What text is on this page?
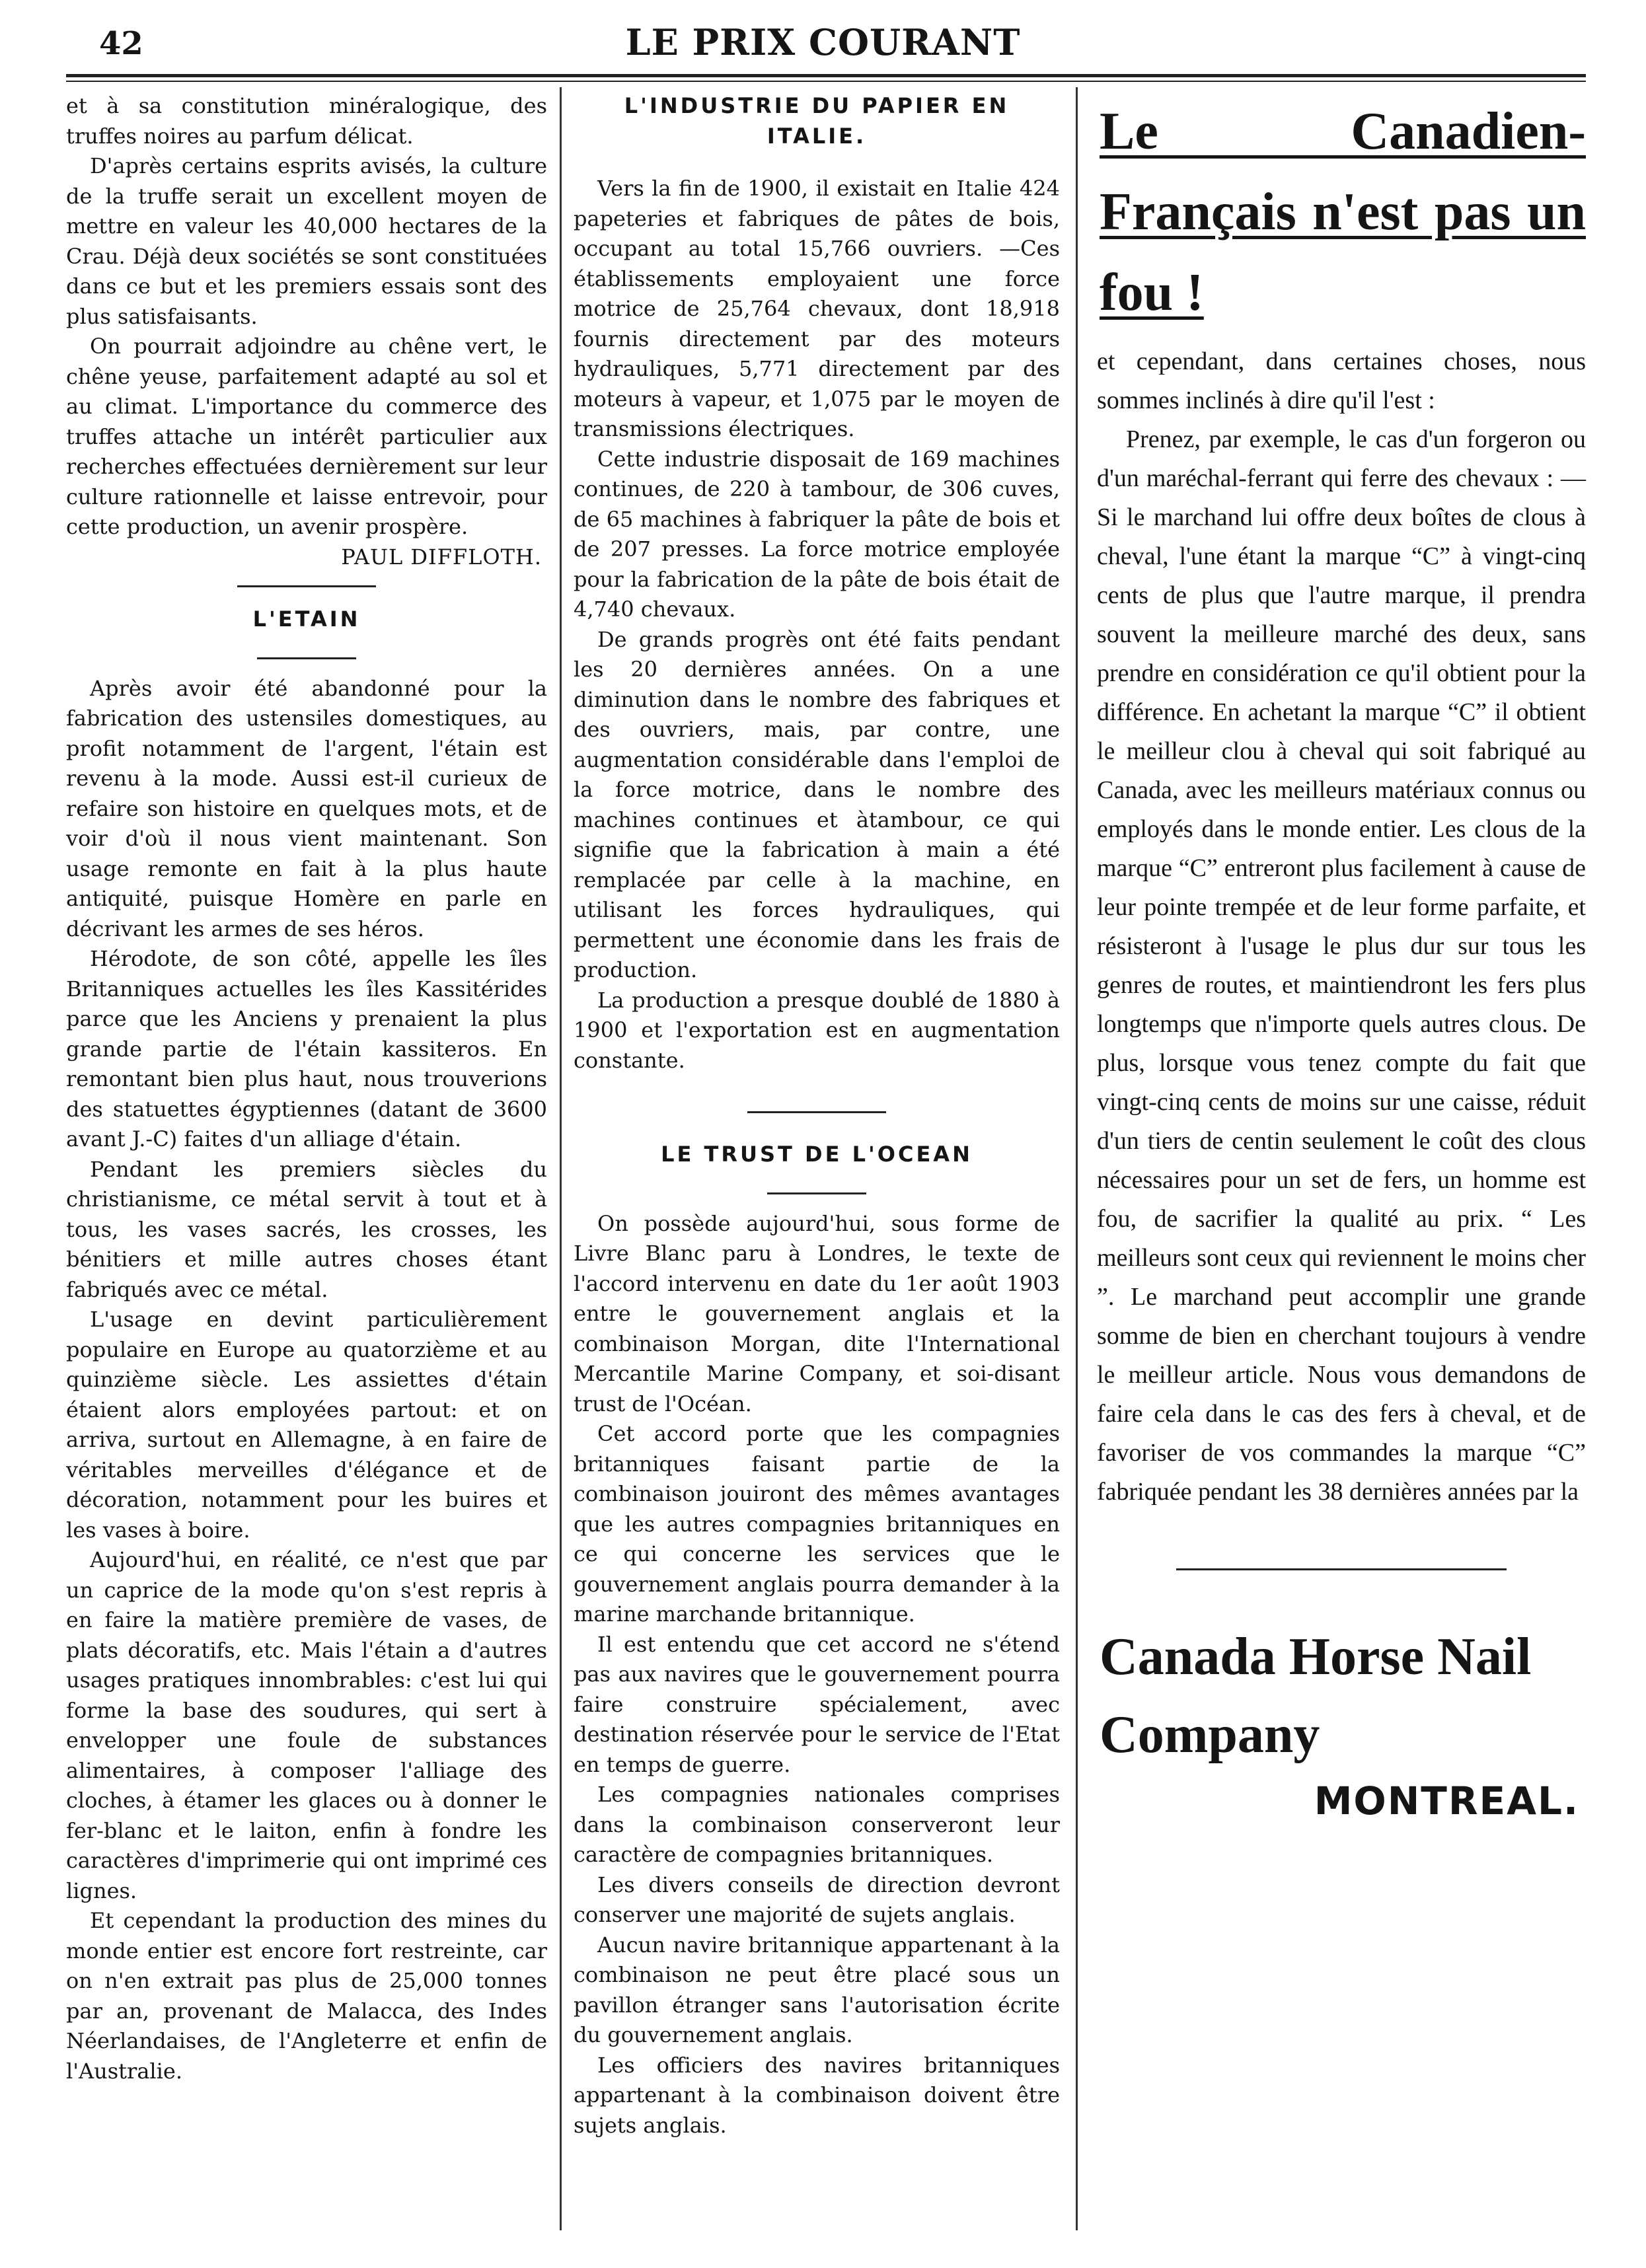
42	LE PRIX COURANT

et à sa constitution minéralogique, des truffes noires au parfum délicat.

D'après certains esprits avisés, la culture de la truffe serait un excellent moyen de mettre en valeur les 40,000 hectares de la Crau. Déjà deux sociétés se sont constituées dans ce but et les premiers essais sont des plus satisfaisants.

On pourrait adjoindre au chêne vert, le chêne yeuse, parfaitement adapté au sol et au climat. L'importance du commerce des truffes attache un intérêt particulier aux recherches effectuées dernièrement sur leur culture rationnelle et laisse entrevoir, pour cette production, un avenir prospère.

PAUL DIFFLOTH.

L'ETAIN

Après avoir été abandonné pour la fabrication des ustensiles domestiques, au profit notamment de l'argent, l'étain est revenu à la mode. Aussi est-il curieux de refaire son histoire en quelques mots, et de voir d'où il nous vient maintenant. Son usage remonte en fait à la plus haute antiquité, puisque Homère en parle en décrivant les armes de ses héros.

Hérodote, de son côté, appelle les îles Britanniques actuelles les îles Kassitérides parce que les Anciens y prenaient la plus grande partie de l'étain kassiteros. En remontant bien plus haut, nous trouverions des statuettes égyptiennes (datant de 3600 avant J.-C) faites d'un alliage d'étain.

Pendant les premiers siècles du christianisme, ce métal servit à tout et à tous, les vases sacrés, les crosses, les bénitiers et mille autres choses étant fabriqués avec ce métal.

L'usage en devint particulièrement populaire en Europe au quatorzième et au quinzième siècle. Les assiettes d'étain étaient alors employées partout: et on arriva, surtout en Allemagne, à en faire de véritables merveilles d'élégance et de décoration, notamment pour les buires et les vases à boire.

Aujourd'hui, en réalité, ce n'est que par un caprice de la mode qu'on s'est repris à en faire la matière première de vases, de plats décoratifs, etc. Mais l'étain a d'autres usages pratiques innombrables: c'est lui qui forme la base des soudures, qui sert à envelopper une foule de substances alimentaires, à composer l'alliage des cloches, à étamer les glaces ou à donner le fer-blanc et le laiton, enfin à fondre les caractères d'imprimerie qui ont imprimé ces lignes.

Et cependant la production des mines du monde entier est encore fort restreinte, car on n'en extrait pas plus de 25,000 tonnes par an, provenant de Malacca, des Indes Néerlandaises, de l'Angleterre et enfin de l'Australie.

L'INDUSTRIE DU PAPIER EN ITALIE.

Vers la fin de 1900, il existait en Italie 424 papeteries et fabriques de pâtes de bois, occupant au total 15,766 ouvriers. —Ces établissements employaient une force motrice de 25,764 chevaux, dont 18,918 fournis directement par des moteurs hydrauliques, 5,771 directement par des moteurs à vapeur, et 1,075 par le moyen de transmissions électriques.

Cette industrie disposait de 169 machines continues, de 220 à tambour, de 306 cuves, de 65 machines à fabriquer la pâte de bois et de 207 presses. La force motrice employée pour la fabrication de la pâte de bois était de 4,740 chevaux.

De grands progrès ont été faits pendant les 20 dernières années. On a une diminution dans le nombre des fabriques et des ouvriers, mais, par contre, une augmentation considérable dans l'emploi de la force motrice, dans le nombre des machines continues et àtambour, ce qui signifie que la fabrication à main a été remplacée par celle à la machine, en utilisant les forces hydrauliques, qui permettent une économie dans les frais de production.

La production a presque doublé de 1880 à 1900 et l'exportation est en augmentation constante.

LE TRUST DE L'OCEAN

On possède aujourd'hui, sous forme de Livre Blanc paru à Londres, le texte de l'accord intervenu en date du 1er août 1903 entre le gouvernement anglais et la combinaison Morgan, dite l'International Mercantile Marine Company, et soi-disant trust de l'Océan.

Cet accord porte que les compagnies britanniques faisant partie de la combinaison jouiront des mêmes avantages que les autres compagnies britanniques en ce qui concerne les services que le gouvernement anglais pourra demander à la marine marchande britannique.

Il est entendu que cet accord ne s'étend pas aux navires que le gouvernement pourra faire construire spécialement, avec destination réservée pour le service de l'Etat en temps de guerre.

Les compagnies nationales comprises dans la combinaison conserveront leur caractère de compagnies britanniques.

Les divers conseils de direction devront conserver une majorité de sujets anglais.

Aucun navire britannique appartenant à la combinaison ne peut être placé sous un pavillon étranger sans l'autorisation écrite du gouvernement anglais.

Les officiers des navires britanniques appartenant à la combinaison doivent être sujets anglais.

Le Canadien-Français n'est pas un fou !

et cependant, dans certaines choses, nous sommes inclinés à dire qu'il l'est :

Prenez, par exemple, le cas d'un forgeron ou d'un maréchal-ferrant qui ferre des chevaux : — Si le marchand lui offre deux boîtes de clous à cheval, l'une étant la marque “C” à vingt-cinq cents de plus que l'autre marque, il prendra souvent la meilleure marché des deux, sans prendre en considération ce qu'il obtient pour la différence. En achetant la marque “C” il obtient le meilleur clou à cheval qui soit fabriqué au Canada, avec les meilleurs matériaux connus ou employés dans le monde entier. Les clous de la marque “C” entreront plus facilement à cause de leur pointe trempée et de leur forme parfaite, et résisteront à l'usage le plus dur sur tous les genres de routes, et maintiendront les fers plus longtemps que n'importe quels autres clous. De plus, lorsque vous tenez compte du fait que vingt-cinq cents de moins sur une caisse, réduit d'un tiers de centin seulement le coût des clous nécessaires pour un set de fers, un homme est fou, de sacrifier la qualité au prix. “ Les meilleurs sont ceux qui reviennent le moins cher ”. Le marchand peut accomplir une grande somme de bien en cherchant toujours à vendre le meilleur article. Nous vous demandons de faire cela dans le cas des fers à cheval, et de favoriser de vos commandes la marque “C” fabriquée pendant les 38 dernières années par la

Canada Horse Nail Company
MONTREAL.
